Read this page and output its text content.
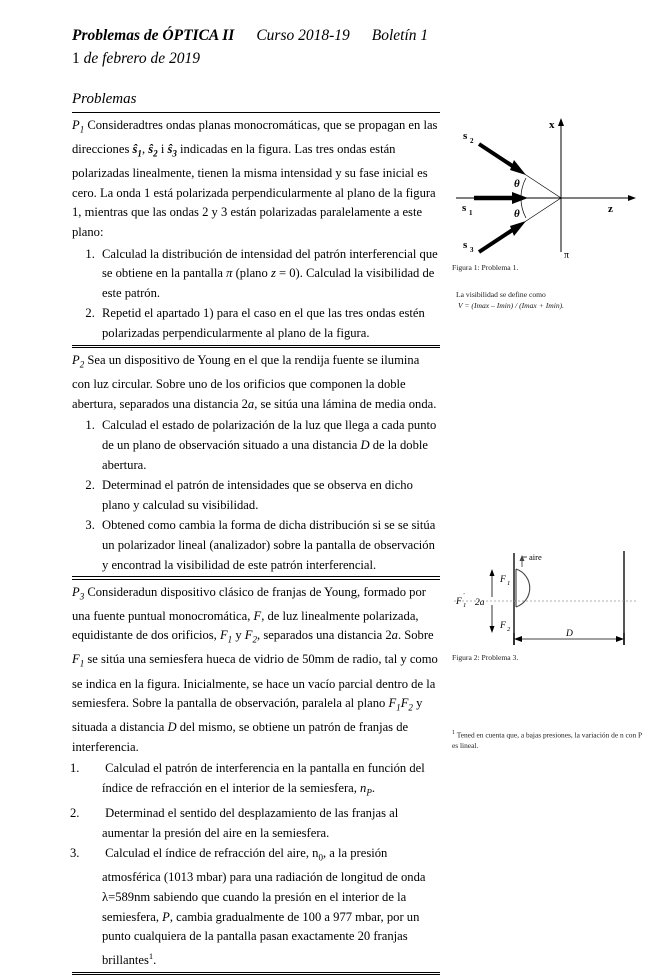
Problemas de ÓPTICA II Curso 2018-19 Boletín 1
1 de febrero de 2019
Problemas

$P_1$ Consideradtres ondas planas monocromáticas, que se propagan en las direcciones $ŝ_1$, $ŝ_2$ i $ŝ_3$ indicadas en la figura. Las tres ondas están polarizadas linealmente, tienen la misma intensidad y su fase inicial es cero. La onda 1 está polarizada perpendicularmente al plano de la figura 1, mientras que las ondas 2 y 3 están polarizadas paralelamente a este plano:

1. Calculad la distribución de intensidad del patrón interferencial que se obtiene en la pantalla π (plano z = 0). Calculad la visibilidad de este patrón.
2. Repetid el apartado 1) para el caso en el que las tres ondas estén polarizadas perpendicularmente al plano de la figura.

$P_2$ Sea un dispositivo de Young en el que la rendija fuente se ilumina con luz circular. Sobre uno de los orificios que componen la doble abertura, separados una distancia 2a, se sitúa una lámina de media onda.

1. Calculad el estado de polarización de la luz que llega a cada punto de un plano de observación situado a una distancia D de la doble abertura.
2. Determinad el patrón de intensidades que se observa en dicho plano y calculad su visibilidad.
3. Obtened como cambia la forma de dicha distribución si se se sitúa un polarizador lineal (analizador) sobre la pantalla de observación y encontrad la visibilidad de este patrón interferencial.

$P_3$ Consideradun dispositivo clásico de franjas de Young, formado por una fuente puntual monocromática, F, de luz linealmente polarizada, equidistante de dos orificios, $F_1$ y $F_2$, separados una distancia 2a. Sobre $F_1$ se sitúa una semiesfera hueca de vidrio de 50mm de radio, tal y como se indica en la figura. Inicialmente, se hace un vacío parcial dentro de la semiesfera. Sobre la pantalla de observación, paralela al plano $F_1F_2$ y situada a distancia D del mismo, se obtiene un patrón de franjas de interferencia.

Calculad el patrón de interferencia en la pantalla en función del índice de refracción en el interior de la semiesfera, $n_P$.
Determinad el sentido del desplazamiento de las franjas al aumentar la presión del aire en la semiesfera.
Calculad el índice de refracción del aire, $n_0$, a la presión atmosférica (1013 mbar) para una radiación de longitud de onda λ=589nm sabiendo que cuando la presión en el interior de la semiesfera, P, cambia gradualmente de 100 a 977 mbar, por un punto cualquiera de la pantalla pasan exactamente 20 franjas brillantes$^1$.
s 2
s 1
s 3
θ
θ
x
z
π
Figura 1: Problema 1.
La visibilidad se define como
V = (Imax – Imin) / (Imax + Imin).
aire
F 1
F 2
F 1
'
2a
D
Figura 2: Problema 3.
$^1$ Tened en cuenta que, a bajas presiones, la variación de n con P es lineal.
